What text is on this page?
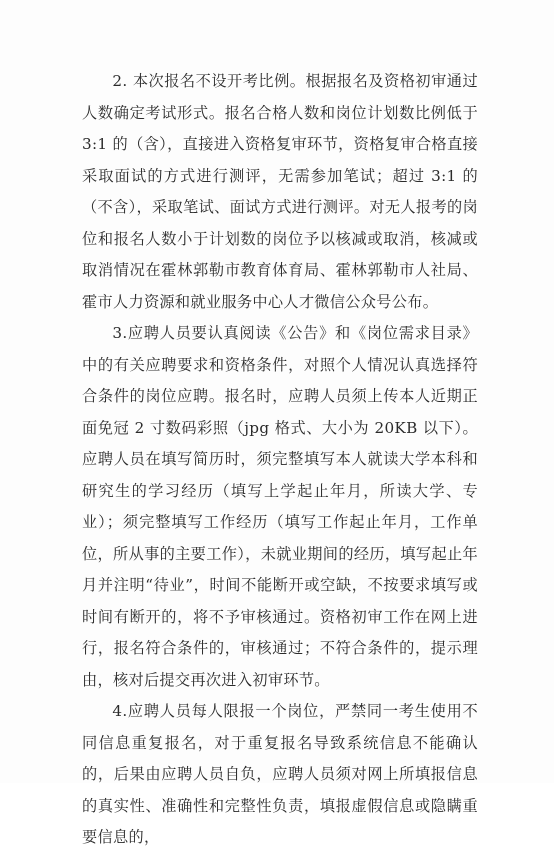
2. 本次报名不设开考比例。根据报名及资格初审通过人数确定考试形式。报名合格人数和岗位计划数比例低于 3:1 的（含），直接进入资格复审环节，资格复审合格直接采取面试的方式进行测评，无需参加笔试；超过 3:1 的（不含），采取笔试、面试方式进行测评。对无人报考的岗位和报名人数小于计划数的岗位予以核减或取消，核减或取消情况在霍林郭勒市教育体育局、霍林郭勒市人社局、霍市人力资源和就业服务中心人才微信公众号公布。

3.应聘人员要认真阅读《公告》和《岗位需求目录》中的有关应聘要求和资格条件，对照个人情况认真选择符合条件的岗位应聘。报名时，应聘人员须上传本人近期正面免冠 2 寸数码彩照（jpg 格式、大小为 20KB 以下）。应聘人员在填写简历时，须完整填写本人就读大学本科和研究生的学习经历（填写上学起止年月，所读大学、专业）；须完整填写工作经历（填写工作起止年月，工作单位，所从事的主要工作），未就业期间的经历，填写起止年月并注明“待业”，时间不能断开或空缺，不按要求填写或时间有断开的，将不予审核通过。资格初审工作在网上进行，报名符合条件的，审核通过；不符合条件的，提示理由，核对后提交再次进入初审环节。

4.应聘人员每人限报一个岗位，严禁同一考生使用不同信息重复报名，对于重复报名导致系统信息不能确认的，后果由应聘人员自负，应聘人员须对网上所填报信息的真实性、准确性和完整性负责，填报虚假信息或隐瞒重要信息的，
